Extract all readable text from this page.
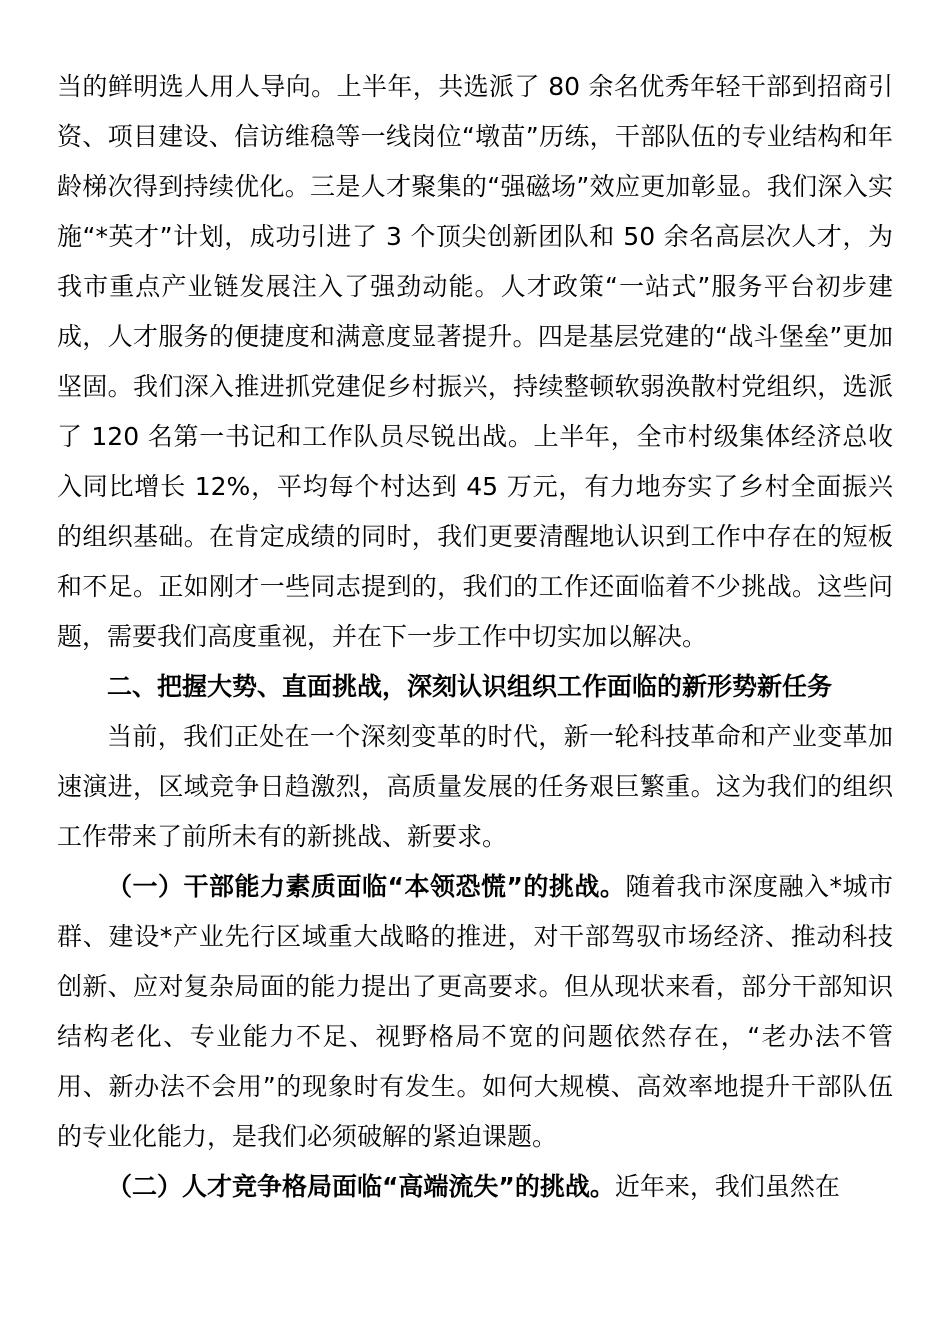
当的鲜明选人用人导向。上半年，共选派了 80 余名优秀年轻干部到招商引资、项目建设、信访维稳等一线岗位“墩苗”历练，干部队伍的专业结构和年龄梯次得到持续优化。三是人才聚集的“强磁场”效应更加彰显。我们深入实施“*英才”计划，成功引进了 3 个顶尖创新团队和 50 余名高层次人才，为我市重点产业链发展注入了强劲动能。人才政策“一站式”服务平台初步建成，人才服务的便捷度和满意度显著提升。四是基层党建的“战斗堡垒”更加坚固。我们深入推进抓党建促乡村振兴，持续整顿软弱涣散村党组织，选派了 120 名第一书记和工作队员尽锐出战。上半年，全市村级集体经济总收入同比增长 12%，平均每个村达到 45 万元，有力地夯实了乡村全面振兴的组织基础。在肯定成绩的同时，我们更要清醒地认识到工作中存在的短板和不足。正如刚才一些同志提到的，我们的工作还面临着不少挑战。这些问题，需要我们高度重视，并在下一步工作中切实加以解决。

二、把握大势、直面挑战，深刻认识组织工作面临的新形势新任务

当前，我们正处在一个深刻变革的时代，新一轮科技革命和产业变革加速演进，区域竞争日趋激烈，高质量发展的任务艰巨繁重。这为我们的组织工作带来了前所未有的新挑战、新要求。

（一）干部能力素质面临“本领恐慌”的挑战。随着我市深度融入*城市群、建设*产业先行区域重大战略的推进，对干部驾驭市场经济、推动科技创新、应对复杂局面的能力提出了更高要求。但从现状来看，部分干部知识结构老化、专业能力不足、视野格局不宽的问题依然存在，“老办法不管用、新办法不会用”的现象时有发生。如何大规模、高效率地提升干部队伍的专业化能力，是我们必须破解的紧迫课题。

（二）人才竞争格局面临“高端流失”的挑战。近年来，我们虽然在
